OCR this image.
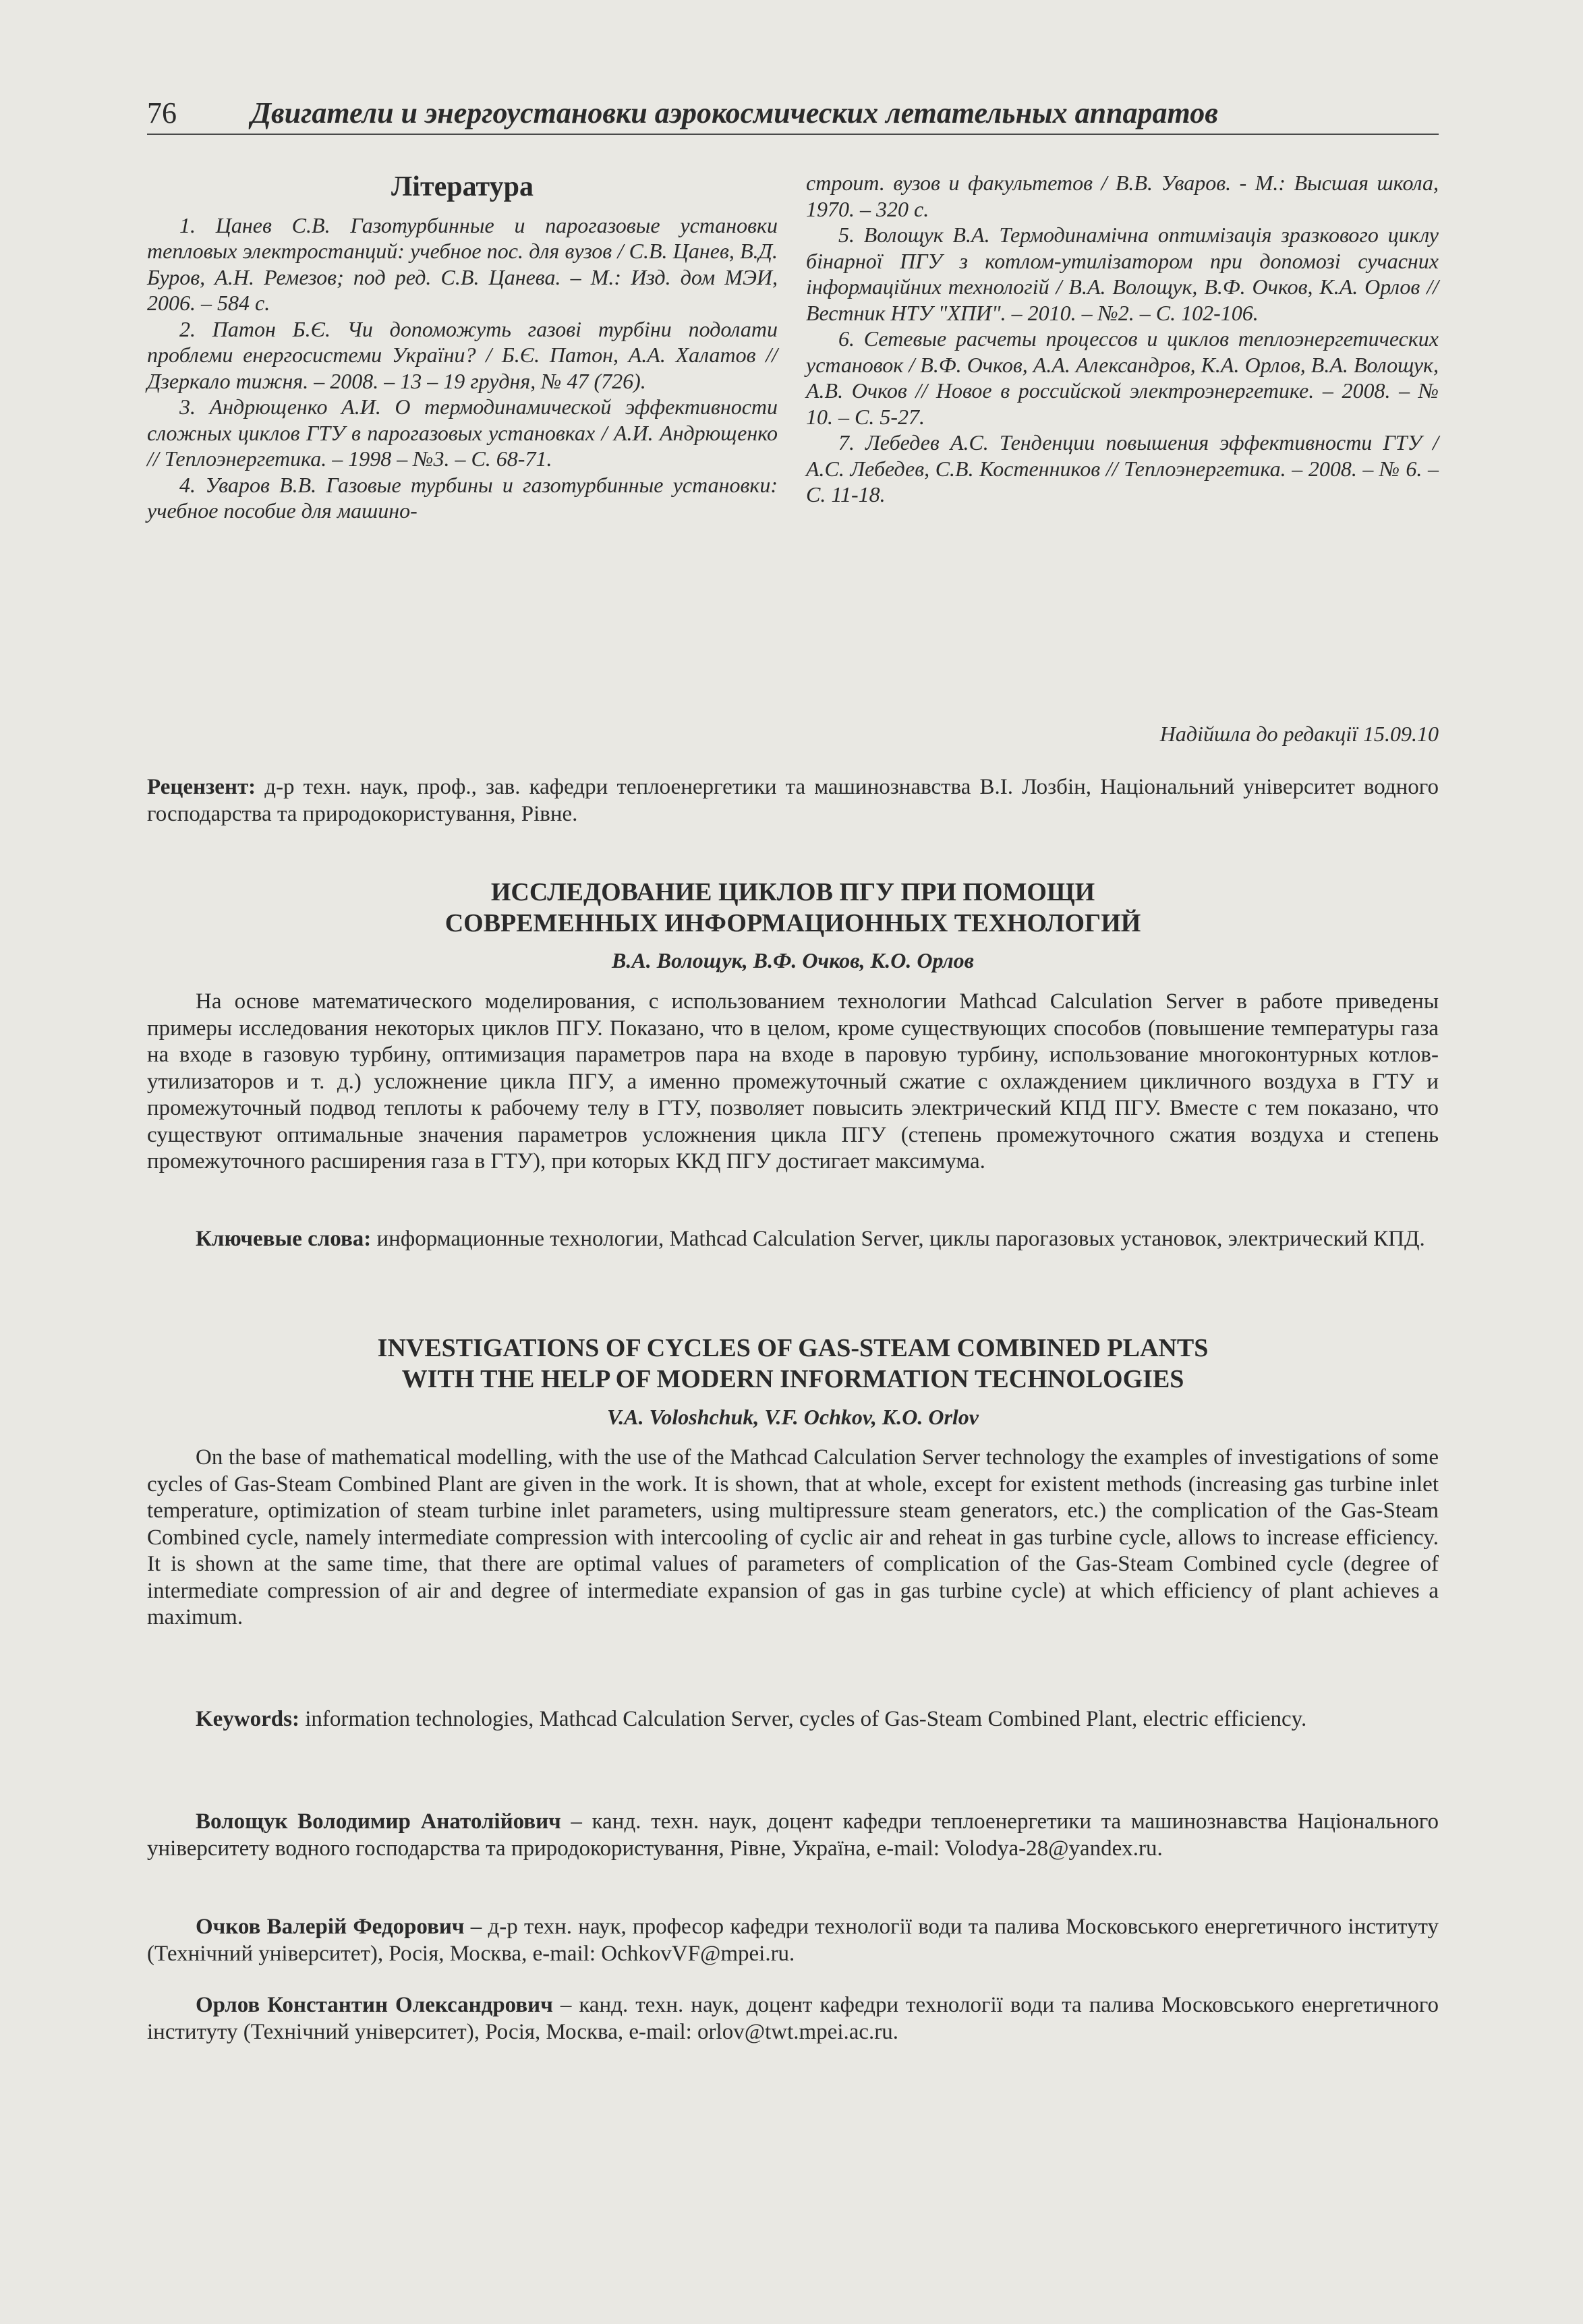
76	Двигатели и энергоустановки аэрокосмических летательных аппаратов
Література

1. Цанев С.В. Газотурбинные и парогазовые установки тепловых электростанций: учебное пос. для вузов / С.В. Цанев, В.Д. Буров, А.Н. Ремезов; под ред. С.В. Цанева. – М.: Изд. дом МЭИ, 2006. – 584 с.

2. Патон Б.Є. Чи допоможуть газові турбіни подолати проблеми енергосистеми України? / Б.Є. Патон, А.А. Халатов // Дзеркало тижня. – 2008. – 13 – 19 грудня, № 47 (726).

3. Андрющенко А.И. О термодинамической эффективности сложных циклов ГТУ в парогазовых установках / А.И. Андрющенко // Теплоэнергетика. – 1998 – №3. – С. 68-71.

4. Уваров В.В. Газовые турбины и газотурбинные установки: учебное пособие для машино-

строит. вузов и факультетов / В.В. Уваров. - М.: Высшая школа, 1970. – 320 с.

5. Волощук В.А. Термодинамічна оптимізація зразкового циклу бінарної ПГУ з котлом-утилізатором при допомозі сучасних інформаційних технологій / В.А. Волощук, В.Ф. Очков, К.А. Орлов // Вестник НТУ "ХПИ". – 2010. – №2. – С. 102-106.

6. Сетевые расчеты процессов и циклов теплоэнергетических установок / В.Ф. Очков, А.А. Александров, К.А. Орлов, В.А. Волощук, А.В. Очков // Новое в российской электроэнергетике. – 2008. – № 10. – С. 5-27.

7. Лебедев А.С. Тенденции повышения эффективности ГТУ / А.С. Лебедев, С.В. Костенников // Теплоэнергетика. – 2008. – № 6. – С. 11-18.

Надійшла до редакції 15.09.10
Рецензент: д-р техн. наук, проф., зав. кафедри теплоенергетики та машинознавства В.І. Лозбін, Національний університет водного господарства та природокористування, Рівне.
ИССЛЕДОВАНИЕ ЦИКЛОВ ПГУ ПРИ ПОМОЩИ
СОВРЕМЕННЫХ ИНФОРМАЦИОННЫХ ТЕХНОЛОГИЙ
В.А. Волощук, В.Ф. Очков, К.О. Орлов
На основе математического моделирования, с использованием технологии Mathcad Calculation Server в работе приведены примеры исследования некоторых циклов ПГУ. Показано, что в целом, кроме существующих способов (повышение температуры газа на входе в газовую турбину, оптимизация параметров пара на входе в паровую турбину, использование многоконтурных котлов-утилизаторов и т. д.) усложнение цикла ПГУ, а именно промежуточный сжатие с охлаждением цикличного воздуха в ГТУ и промежуточный подвод теплоты к рабочему телу в ГТУ, позволяет повысить электрический КПД ПГУ. Вместе с тем показано, что существуют оптимальные значения параметров усложнения цикла ПГУ (степень промежуточного сжатия воздуха и степень промежуточного расширения газа в ГТУ), при которых ККД ПГУ достигает максимума.
Ключевые слова: информационные технологии, Mathcad Calculation Server, циклы парогазовых установок, электрический КПД.
INVESTIGATIONS OF CYCLES OF GAS-STEAM COMBINED PLANTS
WITH THE HELP OF MODERN INFORMATION TECHNOLOGIES
V.A. Voloshchuk, V.F. Ochkov, K.O. Orlov
On the base of mathematical modelling, with the use of the Mathcad Calculation Server technology the examples of investigations of some cycles of Gas-Steam Combined Plant are given in the work. It is shown, that at whole, except for existent methods (increasing gas turbine inlet temperature, optimization of steam turbine inlet parameters, using multipressure steam generators, etc.) the complication of the Gas-Steam Combined cycle, namely intermediate compression with intercooling of cyclic air and reheat in gas turbine cycle, allows to increase efficiency. It is shown at the same time, that there are optimal values of parameters of complication of the Gas-Steam Combined cycle (degree of intermediate compression of air and degree of intermediate expansion of gas in gas turbine cycle) at which efficiency of plant achieves a maximum.
Keywords: information technologies, Mathcad Calculation Server, cycles of Gas-Steam Combined Plant, electric efficiency.
Волощук Володимир Анатолійович – канд. техн. наук, доцент кафедри теплоенергетики та машинознавства Національного університету водного господарства та природокористування, Рівне, Україна, e-mail: Volodya-28@yandex.ru.
Очков Валерій Федорович – д-р техн. наук, професор кафедри технології води та палива Московського енергетичного інституту (Технічний університет), Росія, Москва, e-mail: OchkovVF@mpei.ru.
Орлов Константин Олександрович – канд. техн. наук, доцент кафедри технології води та палива Московського енергетичного інституту (Технічний університет), Росія, Москва, e-mail: orlov@twt.mpei.ac.ru.
